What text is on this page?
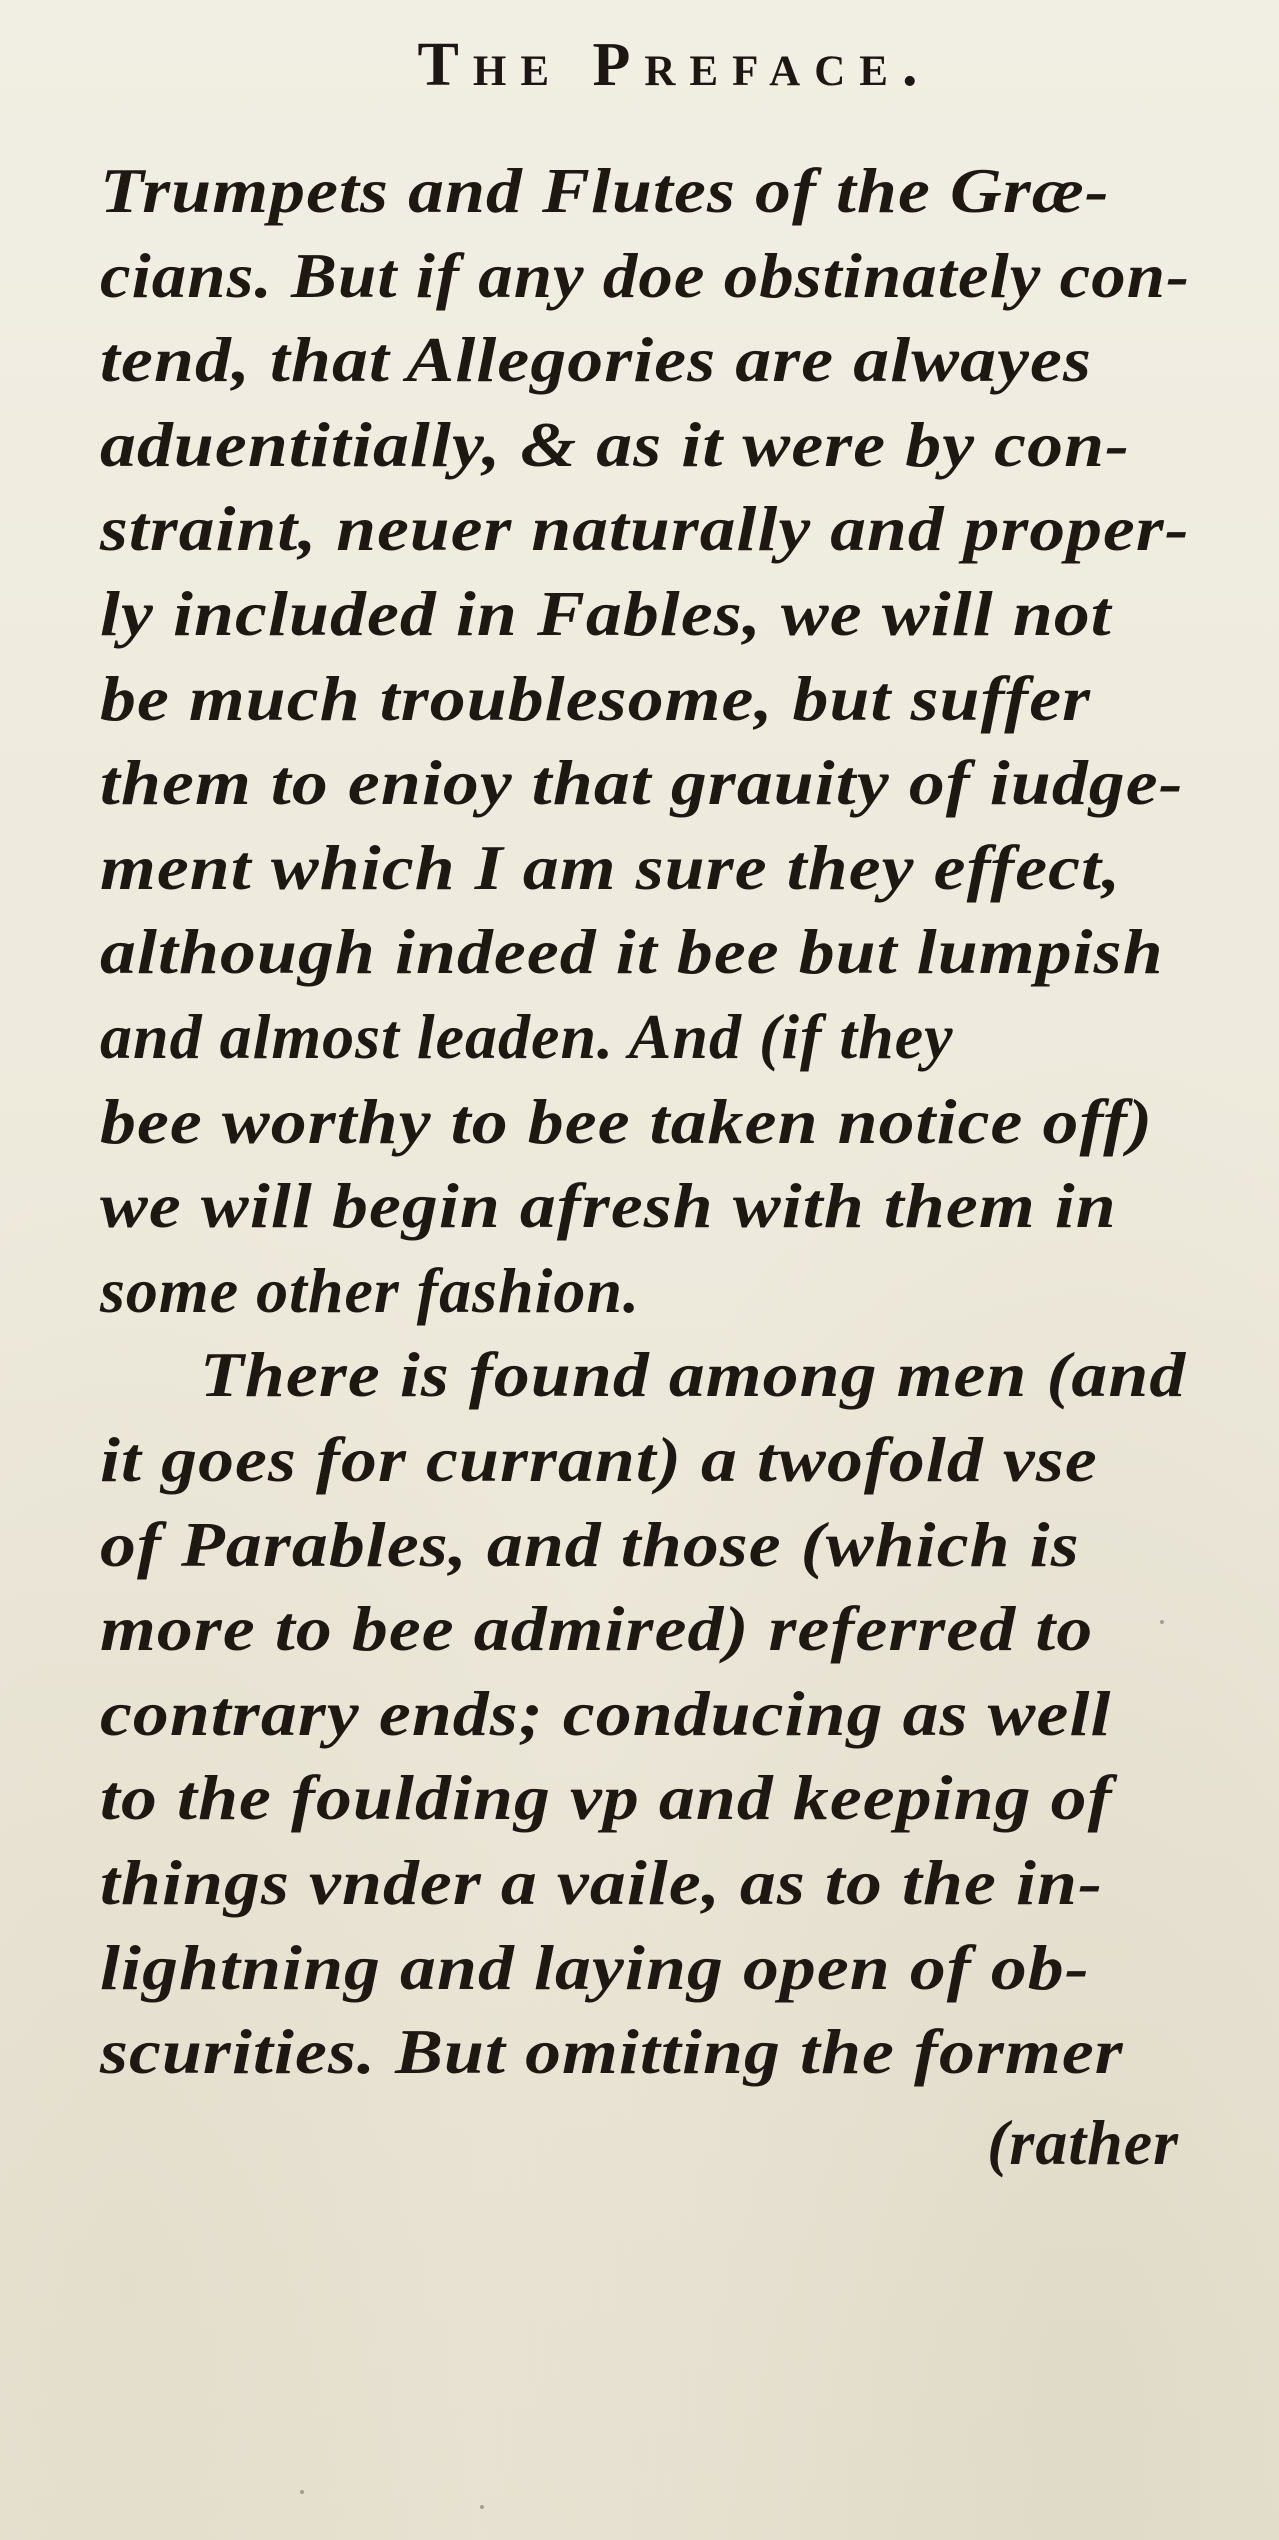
The Preface.
Trumpets and Flutes of the Græ-
cians. But if any doe obstinately con-
tend, that Allegories are alwayes
aduentitially, & as it were by con-
straint, neuer naturally and proper-
ly included in Fables, we will not
be much troublesome, but suffer
them to enioy that grauity of iudge-
ment which I am sure they effect,
although indeed it bee but lumpish
and almost leaden. And (if they
bee worthy to bee taken notice off)
we will begin afresh with them in
some other fashion.
There is found among men (and
it goes for currant) a twofold vse
of Parables, and those (which is
more to bee admired) referred to
contrary ends; conducing as well
to the foulding vp and keeping of
things vnder a vaile, as to the in-
lightning and laying open of ob-
scurities. But omitting the former
(rather
